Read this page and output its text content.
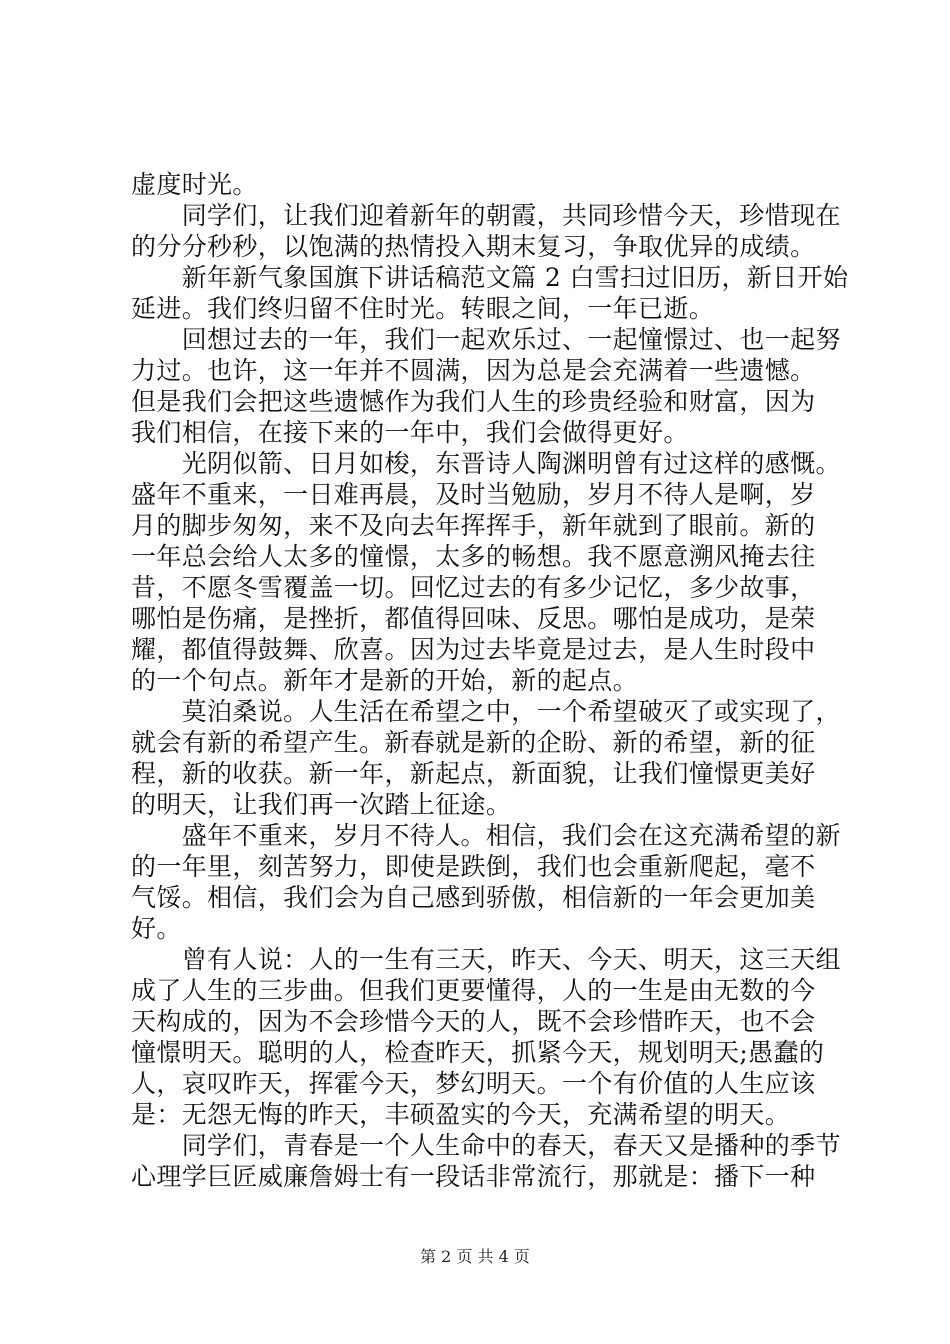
虚度时光。
　　同学们，让我们迎着新年的朝霞，共同珍惜今天，珍惜现在
的分分秒秒，以饱满的热情投入期末复习，争取优异的成绩。
　　新年新气象国旗下讲话稿范文篇 2 白雪扫过旧历，新日开始
延进。我们终归留不住时光。转眼之间，一年已逝。
　　回想过去的一年，我们一起欢乐过、一起憧憬过、也一起努
力过。也许，这一年并不圆满，因为总是会充满着一些遗憾。
但是我们会把这些遗憾作为我们人生的珍贵经验和财富，因为
我们相信，在接下来的一年中，我们会做得更好。
　　光阴似箭、日月如梭，东晋诗人陶渊明曾有过这样的感慨。
盛年不重来，一日难再晨，及时当勉励，岁月不待人是啊，岁
月的脚步匆匆，来不及向去年挥挥手，新年就到了眼前。新的
一年总会给人太多的憧憬，太多的畅想。我不愿意溯风掩去往
昔，不愿冬雪覆盖一切。回忆过去的有多少记忆，多少故事，
哪怕是伤痛，是挫折，都值得回味、反思。哪怕是成功，是荣
耀，都值得鼓舞、欣喜。因为过去毕竟是过去，是人生时段中
的一个句点。新年才是新的开始，新的起点。
　　莫泊桑说。人生活在希望之中，一个希望破灭了或实现了，
就会有新的希望产生。新春就是新的企盼、新的希望，新的征
程，新的收获。新一年，新起点，新面貌，让我们憧憬更美好
的明天，让我们再一次踏上征途。
　　盛年不重来，岁月不待人。相信，我们会在这充满希望的新
的一年里，刻苦努力，即使是跌倒，我们也会重新爬起，毫不
气馁。相信，我们会为自己感到骄傲，相信新的一年会更加美
好。
　　曾有人说：人的一生有三天，昨天、今天、明天，这三天组
成了人生的三步曲。但我们更要懂得，人的一生是由无数的今
天构成的，因为不会珍惜今天的人，既不会珍惜昨天，也不会
憧憬明天。聪明的人，检查昨天，抓紧今天，规划明天;愚蠢的
人，哀叹昨天，挥霍今天，梦幻明天。一个有价值的人生应该
是：无怨无悔的昨天，丰硕盈实的今天，充满希望的明天。
　　同学们，青春是一个人生命中的春天，春天又是播种的季节
心理学巨匠威廉詹姆士有一段话非常流行，那就是：播下一种
第 2 页 共 4 页
